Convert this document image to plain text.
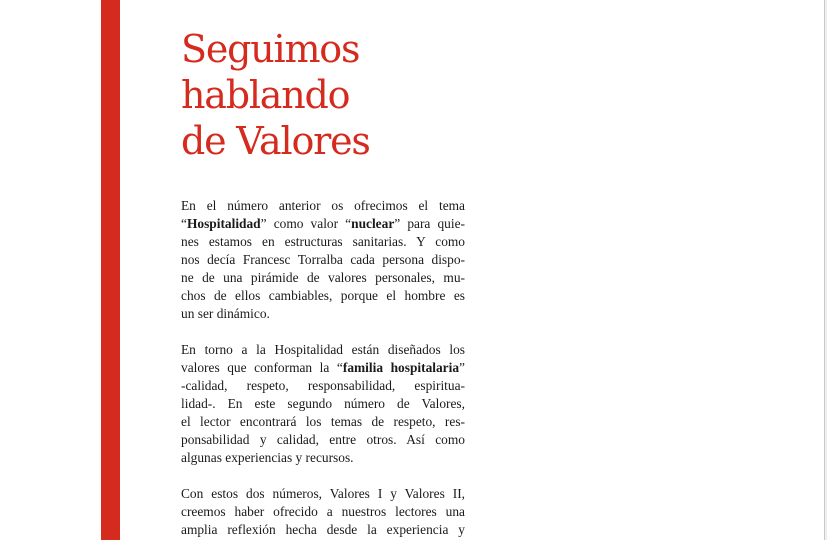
Seguimos
hablando
de Valores

En el número anterior os ofrecimos el tema
“Hospitalidad” como valor “nuclear” para quie-
nes estamos en estructuras sanitarias. Y como
nos decía Francesc Torralba cada persona dispo-
ne de una pirámide de valores personales, mu-
chos de ellos cambiables, porque el hombre es
un ser dinámico.

En torno a la Hospitalidad están diseñados los
valores que conforman la “familia hospitalaria”
-calidad, respeto, responsabilidad, espiritua-
lidad-. En este segundo número de Valores,
el lector encontrará los temas de respeto, res-
ponsabilidad y calidad, entre otros. Así como
algunas experiencias y recursos.

Con estos dos números, Valores I y Valores II,
creemos haber ofrecido a nuestros lectores una
amplia reflexión hecha desde la experiencia y
